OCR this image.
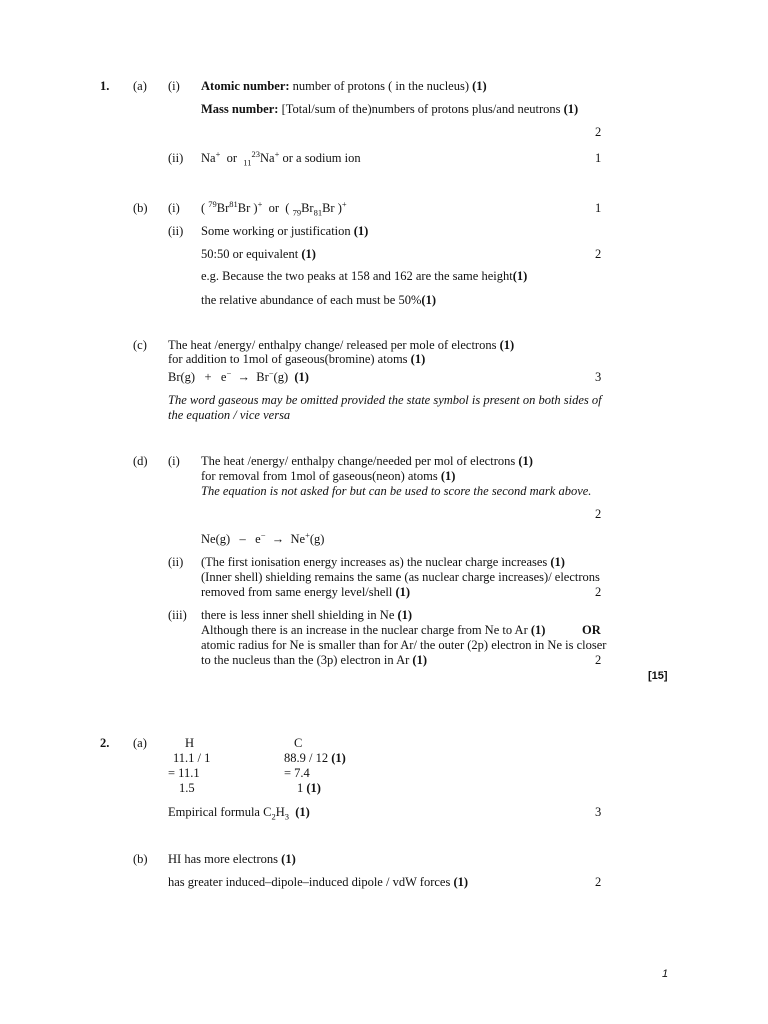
1. (a) (i) Atomic number: number of protons ( in the nucleus) (1)
Mass number: [Total/sum of the)numbers of protons plus/and neutrons (1)
2
(ii) Na+  or  $_{11}^{23}$Na+ or a sodium ion	1
(b) (i) ( $^{79}$Br$^{81}$Br )+  or  ( $_{79}Br_{81}Br$ )+	1
(ii) Some working or justification (1)
50:50 or equivalent (1)	2
e.g. Because the two peaks at 158 and 162 are the same height(1)
the relative abundance of each must be 50%(1)
(c) The heat /energy/ enthalpy change/ released per mole of electrons (1)
for addition to 1mol of gaseous(bromine) atoms (1)
Br(g)   +   e−  →  Br−(g)  (1)	3
The word gaseous may be omitted provided the state symbol is present on both sides of
the equation / vice versa
(d) (i) The heat /energy/ enthalpy change/needed per mol of electrons (1)
for removal from 1mol of gaseous(neon) atoms (1)
The equation is not asked for but can be used to score the second mark above.
2
Ne(g)   –   e−  →  Ne+(g)
(ii) (The first ionisation energy increases as) the nuclear charge increases (1)
(Inner shell) shielding remains the same (as nuclear charge increases)/ electrons
removed from same energy level/shell (1)	2
(iii) there is less inner shell shielding in Ne (1)
Although there is an increase in the nuclear charge from Ne to Ar (1)	OR
atomic radius for Ne is smaller than for Ar/ the outer (2p) electron in Ne is closer
to the nucleus than the (3p) electron in Ar (1)	2
[15]
2. (a)	H	C
11.1 / 1	88.9 / 12 (1)
= 11.1	= 7.4
1.5	1 (1)
Empirical formula $C_2H_3$ (1)	3
(b) HI has more electrons (1)
has greater induced–dipole–induced dipole / vdW forces (1)	2
1
